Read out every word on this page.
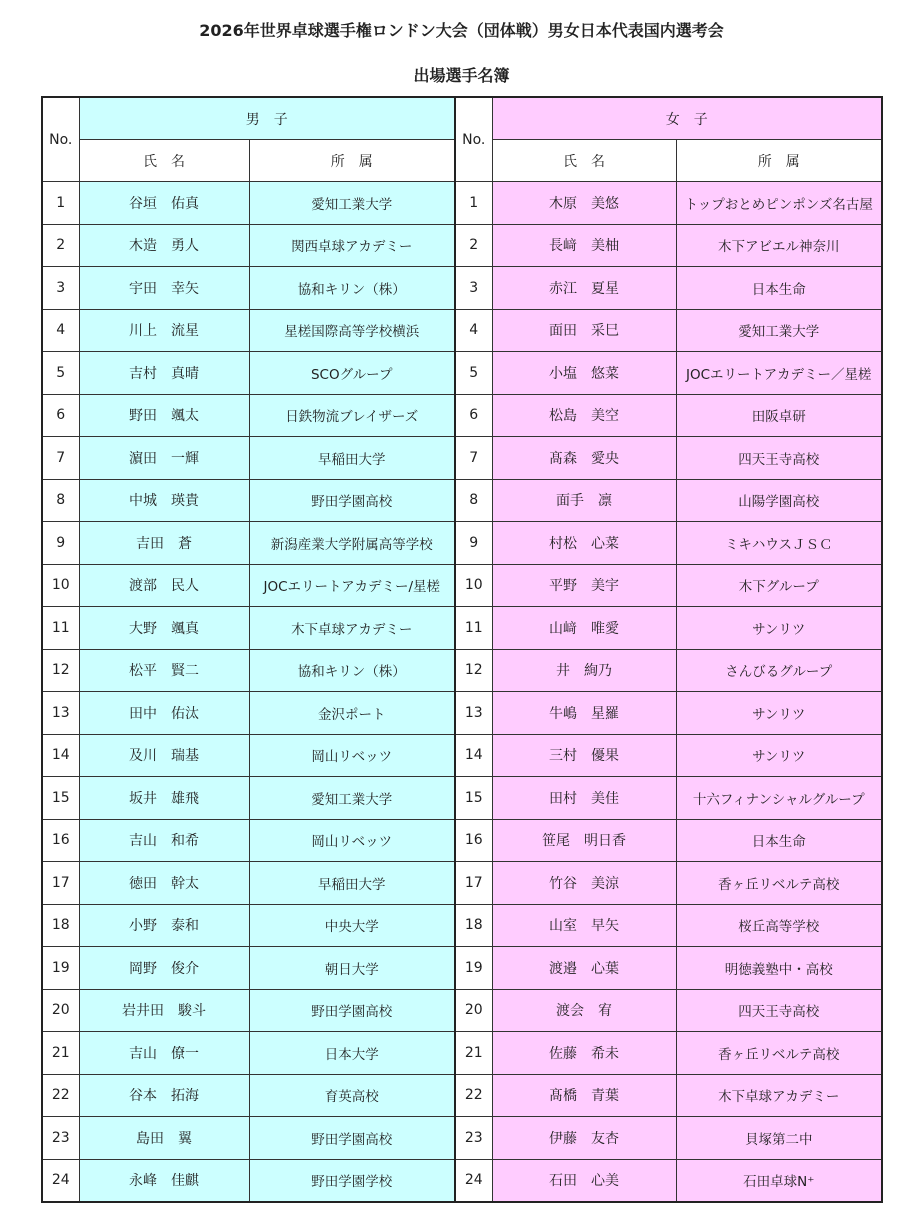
2026年世界卓球選手権ロンドン大会（団体戦）男女日本代表国内選考会
出場選手名簿
No.	男　子		No.	女　子	
	氏　名	所　属		氏　名	所　属
1	谷垣　佑真	愛知工業大学	1	木原　美悠	トップおとめピンポンズ名古屋
2	木造　勇人	関西卓球アカデミー	2	長﨑　美柚	木下アビエル神奈川
3	宇田　幸矢	協和キリン（株）	3	赤江　夏星	日本生命
4	川上　流星	星槎国際高等学校横浜	4	面田　采巳	愛知工業大学
5	吉村　真晴	SCOグループ	5	小塩　悠菜	JOCエリートアカデミー／星槎
6	野田　颯太	日鉄物流ブレイザーズ	6	松島　美空	田阪卓研
7	濵田　一輝	早稲田大学	7	髙森　愛央	四天王寺高校
8	中城　瑛貴	野田学園高校	8	面手　凛	山陽学園高校
9	吉田　蒼	新潟産業大学附属高等学校	9	村松　心菜	ミキハウスＪＳＣ
10	渡部　民人	JOCエリートアカデミー/星槎	10	平野　美宇	木下グループ
11	大野　颯真	木下卓球アカデミー	11	山﨑　唯愛	サンリツ
12	松平　賢二	協和キリン（株）	12	井　絢乃	さんびるグループ
13	田中　佑汰	金沢ポート	13	牛嶋　星羅	サンリツ
14	及川　瑞基	岡山リベッツ	14	三村　優果	サンリツ
15	坂井　雄飛	愛知工業大学	15	田村　美佳	十六フィナンシャルグループ
16	吉山　和希	岡山リベッツ	16	笹尾　明日香	日本生命
17	徳田　幹太	早稲田大学	17	竹谷　美涼	香ヶ丘リベルテ高校
18	小野　泰和	中央大学	18	山室　早矢	桜丘高等学校
19	岡野　俊介	朝日大学	19	渡邉　心葉	明徳義塾中・高校
20	岩井田　駿斗	野田学園高校	20	渡会　宥	四天王寺高校
21	吉山　僚一	日本大学	21	佐藤　希未	香ヶ丘リベルテ高校
22	谷本　拓海	育英高校	22	髙橋　青葉	木下卓球アカデミー
23	島田　翼	野田学園高校	23	伊藤　友杏	貝塚第二中
24	永峰　佳麒	野田学園学校	24	石田　心美	石田卓球N⁺
